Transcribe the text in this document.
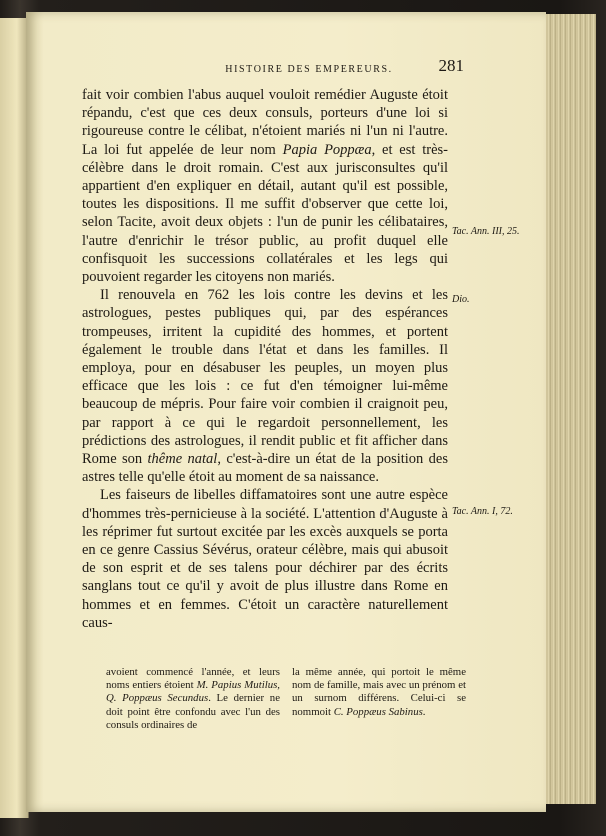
HISTOIRE DES EMPEREURS.	281

fait voir combien l'abus auquel vouloit remédier Auguste étoit répandu, c'est que ces deux consuls, porteurs d'une loi si rigoureuse contre le célibat, n'étoient mariés ni l'un ni l'autre. La loi fut appelée de leur nom Papia Poppæa, et est très-célèbre dans le droit romain. C'est aux jurisconsultes qu'il appartient d'en expliquer en détail, autant qu'il est possible, toutes les dispositions. Il me suffit d'observer que cette loi, selon Tacite, avoit deux objets : l'un de punir les célibataires, l'autre d'enrichir le trésor public, au profit duquel elle confisquoit les successions collatérales et les legs qui pouvoient regarder les citoyens non mariés.

Il renouvela en 762 les lois contre les devins et les astrologues, pestes publiques qui, par des espérances trompeuses, irritent la cupidité des hommes, et portent également le trouble dans l'état et dans les familles. Il employa, pour en désabuser les peuples, un moyen plus efficace que les lois : ce fut d'en témoigner lui-même beaucoup de mépris. Pour faire voir combien il craignoit peu, par rapport à ce qui le regardoit personnellement, les prédictions des astrologues, il rendit public et fit afficher dans Rome son thême natal, c'est-à-dire un état de la position des astres telle qu'elle étoit au moment de sa naissance.

Les faiseurs de libelles diffamatoires sont une autre espèce d'hommes très-pernicieuse à la société. L'attention d'Auguste à les réprimer fut surtout excitée par les excès auxquels se porta en ce genre Cassius Sévérus, orateur célèbre, mais qui abusoit de son esprit et de ses talens pour déchirer par des écrits sanglans tout ce qu'il y avoit de plus illustre dans Rome en hommes et en femmes. C'étoit un caractère naturellement caus-

Tac. Ann. III, 25.
Dio.
Tac. Ann. I, 72.
avoient commencé l'année, et leurs noms entiers étoient M. Papius Mutilus, Q. Poppæus Secundus. Le dernier ne doit point être confondu avec l'un des consuls ordinaires de
la même année, qui portoit le même nom de famille, mais avec un prénom et un surnom différens. Celui-ci se nommoit C. Poppæus Sabinus.
